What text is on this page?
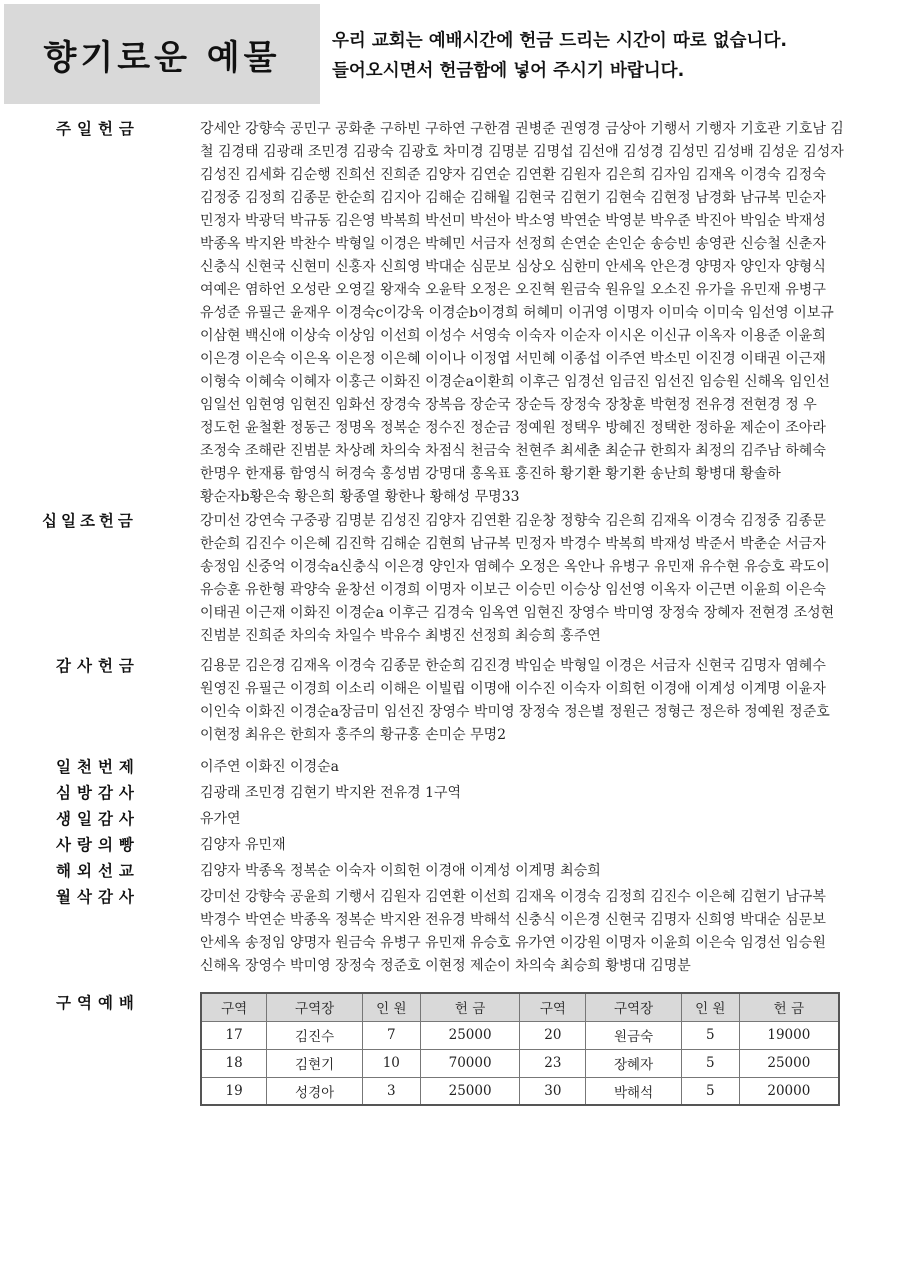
향기로운 예물	우리 교회는 예배시간에 헌금 드리는 시간이 따로 없습니다.
들어오시면서 헌금함에 넣어 주시기 바랍니다.
주일헌금	강세안 강향숙 공민구 공화춘 구하빈 구하연 구한겸 권병준 권영경 금상아 기행서 기행자 기호관 기호남 김 철 김경태 김광래 조민경 김광숙 김광호 차미경 김명분 김명섭 김선애 김성경 김성민 김성배 김성운 김성자 김성진 김세화 김순행 진희선 진희준 김양자 김연순 김연환 김원자 김은희 김자임 김재옥 이경숙 김정숙 김정중 김정희 김종문 한순희 김지아 김해순 김해월 김현국 김현기 김현숙 김현정 남경화 남규복 민순자 민정자 박광덕 박규동 김은영 박복희 박선미 박선아 박소영 박연순 박영분 박우준 박진아 박임순 박재성 박종옥 박지완 박찬수 박형일 이경은 박혜민 서금자 선정희 손연순 손인순 송승빈 송영관 신승철 신춘자 신충식 신현국 신현미 신홍자 신희영 박대순 심문보 심상오 심한미 안세옥 안은경 양명자 양인자 양형식 여예은 염하언 오성란 오영길 왕재숙 오윤탁 오정은 오진혁 원금숙 원유일 오소진 유가을 유민재 유병구 유성준 유필근 윤재우 이경숙c이강욱 이경순b이경희 허혜미 이귀영 이명자 이미숙 이미숙 임선영 이보규 이삼현 백신애 이상숙 이상임 이선희 이성수 서영숙 이숙자 이순자 이시온 이신규 이옥자 이용준 이윤희 이은경 이은숙 이은옥 이은정 이은혜 이이나 이정엽 서민혜 이종섭 이주연 박소민 이진경 이태권 이근재 이형숙 이혜숙 이혜자 이홍근 이화진 이경순a이환희 이후근 임경선 임금진 임선진 임승원 신해옥 임인선 임일선 임현영 임현진 임화선 장경숙 장복음 장순국 장순득 장정숙 장창훈 박현정 전유경 전현경 정 우 정도헌 윤철환 정동근 정명옥 정복순 정수진 정순금 정예원 정택우 방혜진 정택한 정하윤 제순이 조아라 조정숙 조해란 진범분 차상례 차의숙 차점식 천금숙 천현주 최세춘 최순규 한희자 최정의 김주남 하혜숙 한명우 한재룡 함영식 허경숙 홍성범 강명대 홍옥표 홍진하 황기환 황기환 송난희 황병대 황솔하 황순자b황은숙 황은희 황종열 황한나 황해성 무명33
십일조헌금	강미선 강연숙 구중광 김명분 김성진 김양자 김연환 김운창 정향숙 김은희 김재옥 이경숙 김정중 김종문 한순희 김진수 이은혜 김진학 김해순 김현희 남규복 민정자 박경수 박복희 박재성 박준서 박춘순 서금자 송정임 신중억 이경숙a신충식 이은경 양인자 염혜수 오정은 옥안나 유병구 유민재 유수현 유승호 곽도이 유승훈 유한형 곽양숙 윤창선 이경희 이명자 이보근 이승민 이승상 임선영 이옥자 이근면 이윤희 이은숙 이태권 이근재 이화진 이경순a 이후근 김경숙 임옥연 임현진 장영수 박미영 장정숙 장혜자 전현경 조성현 진범분 진희준 차의숙 차일수 박유수 최병진 선정희 최승희 홍주연
감사헌금	김용문 김은경 김재옥 이경숙 김종문 한순희 김진경 박임순 박형일 이경은 서금자 신현국 김명자 염혜수 원영진 유필근 이경희 이소리 이해은 이빌립 이명애 이수진 이숙자 이희헌 이경애 이계성 이계명 이윤자 이인숙 이화진 이경순a장금미 임선진 장영수 박미영 장정숙 정은별 정원근 정형근 정은하 정예원 정준호 이현정 최유은 한희자 홍주의 황규홍 손미순 무명2
일천번제	이주연 이화진 이경순a
심방감사	김광래 조민경 김현기 박지완 전유경 1구역
생일감사	유가연
사랑의빵	김양자 유민재
해외선교	김양자 박종옥 정복순 이숙자 이희헌 이경애 이계성 이계명 최승희
월삭감사	강미선 강향숙 공윤희 기행서 김원자 김연환 이선희 김재옥 이경숙 김정희 김진수 이은혜 김현기 남규복 박경수 박연순 박종옥 정복순 박지완 전유경 박해석 신충식 이은경 신현국 김명자 신희영 박대순 심문보 안세옥 송정임 양명자 원금숙 유병구 유민재 유승호 유가연 이강원 이명자 이윤희 이은숙 임경선 임승원 신해옥 장영수 박미영 장정숙 정준호 이현정 제순이 차의숙 최승희 황병대 김명분
구역예배	구역	구역장	인 원	헌 금	구역	구역장	인 원	헌 금
17	김진수	7	25000	20	원금숙	5	19000
18	김현기	10	70000	23	장혜자	5	25000
19	성경아	3	25000	30	박해석	5	20000
